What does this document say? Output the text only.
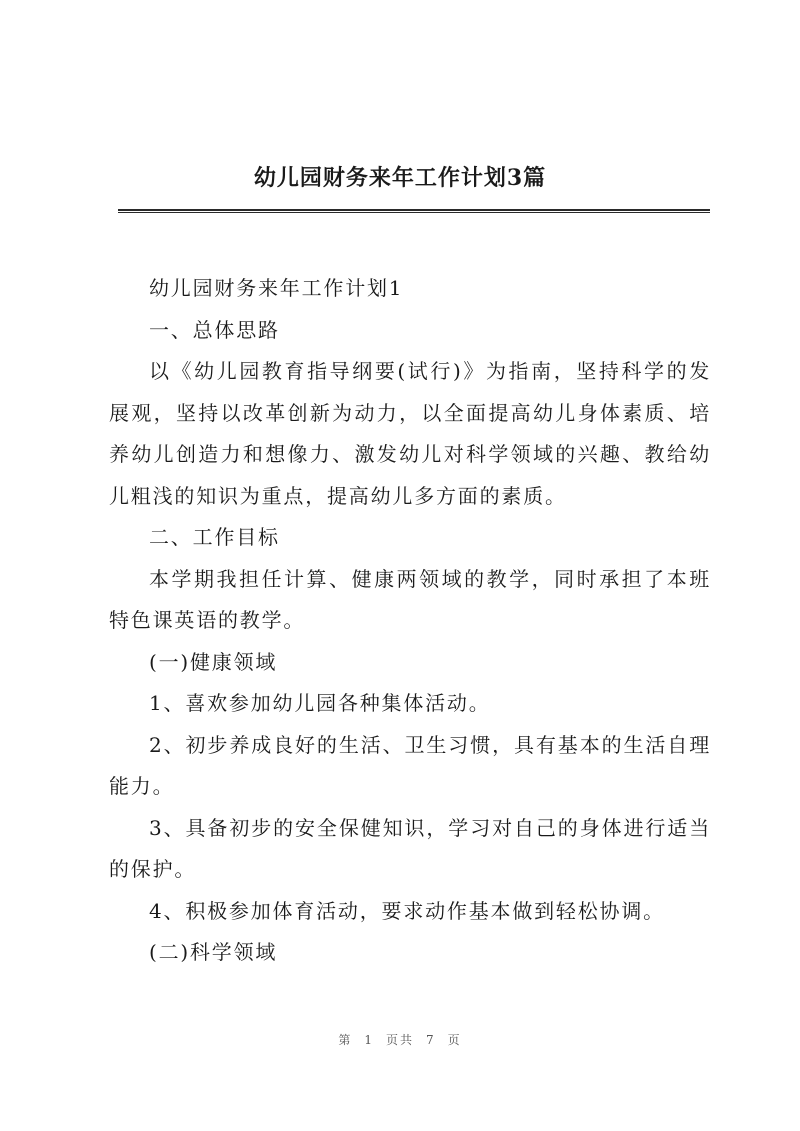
幼儿园财务来年工作计划3篇

幼儿园财务来年工作计划1

一、总体思路

以《幼儿园教育指导纲要(试行)》为指南，坚持科学的发展观，坚持以改革创新为动力，以全面提高幼儿身体素质、培养幼儿创造力和想像力、激发幼儿对科学领域的兴趣、教给幼儿粗浅的知识为重点，提高幼儿多方面的素质。

二、工作目标

本学期我担任计算、健康两领域的教学，同时承担了本班特色课英语的教学。

(一)健康领域

1、喜欢参加幼儿园各种集体活动。

2、初步养成良好的生活、卫生习惯，具有基本的生活自理能力。

3、具备初步的安全保健知识，学习对自己的身体进行适当的保护。

4、积极参加体育活动，要求动作基本做到轻松协调。

(二)科学领域

第 1 页共 7 页
